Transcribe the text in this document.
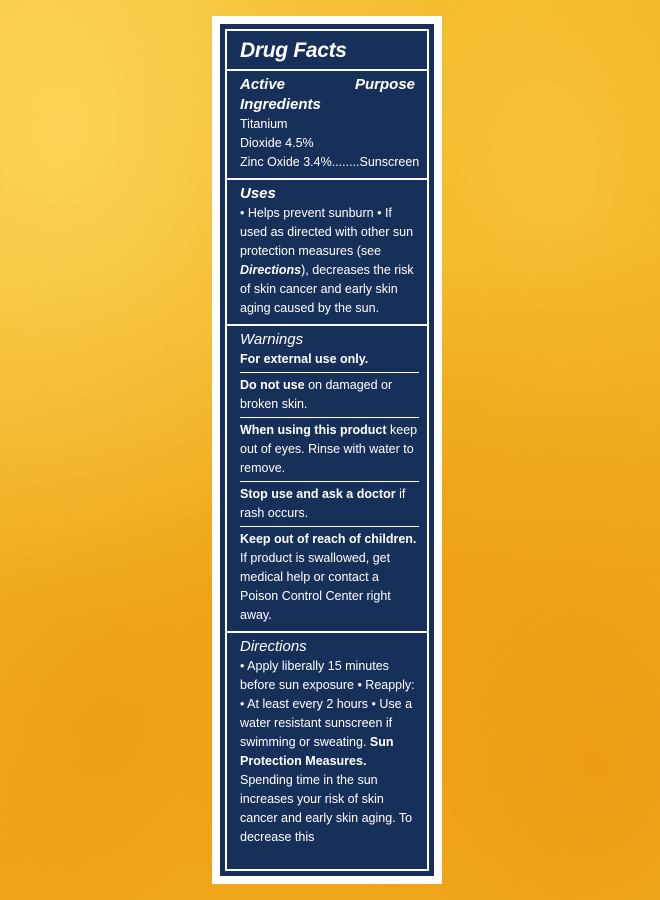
Drug Facts
Active Ingredients
Purpose
Titanium
Dioxide 4.5%
Zinc Oxide 3.4%........Sunscreen
Uses
• Helps prevent sunburn • If used as directed with other sun protection measures (see Directions), decreases the risk of skin cancer and early skin aging caused by the sun.
Warnings
For external use only.
Do not use on damaged or broken skin.
When using this product keep out of eyes. Rinse with water to remove.
Stop use and ask a doctor if rash occurs.
Keep out of reach of children.
If product is swallowed, get medical help or contact a Poison Control Center right away.
Directions
• Apply liberally 15 minutes before sun exposure • Reapply: • At least every 2 hours • Use a water resistant sunscreen if swimming or sweating. Sun Protection Measures. Spending time in the sun increases your risk of skin cancer and early skin aging. To decrease this
